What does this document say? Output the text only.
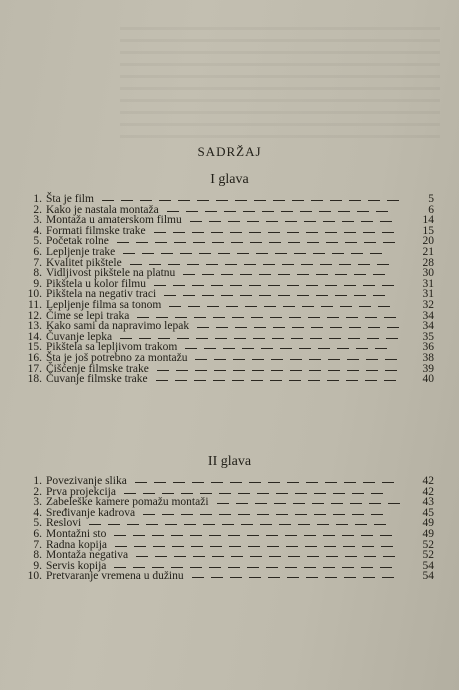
SADRŽAJ
I glava
1. Šta je film	5
2. Kako je nastala montaža	6
3. Montaža u amaterskom filmu	14
4. Formati filmske trake	15
5. Početak rolne	20
6. Lepljenje trake	21
7. Kvalitet pikštele	28
8. Vidljivost pikštele na platnu	30
9. Pikštela u kolor filmu	31
10. Pikštela na negativ traci	31
11. Lepljenje filma sa tonom	32
12. Čime se lepi traka	34
13. Kako sami da napravimo lepak	34
14. Čuvanje lepka	35
15. Pikštela sa lepljivom trakom	36
16. Šta je još potrebno za montažu	38
17. Čišćenje filmske trake	39
18. Čuvanje filmske trake	40
II glava
1. Povezivanje slika	42
2. Prva projekcija	42
3. Zabeleške kamere pomažu montaži	43
4. Sređivanje kadrova	45
5. Reslovi	49
6. Montažni sto	49
7. Radna kopija	52
8. Montaža negativa	52
9. Servis kopija	54
10. Pretvaranje vremena u dužinu	54
